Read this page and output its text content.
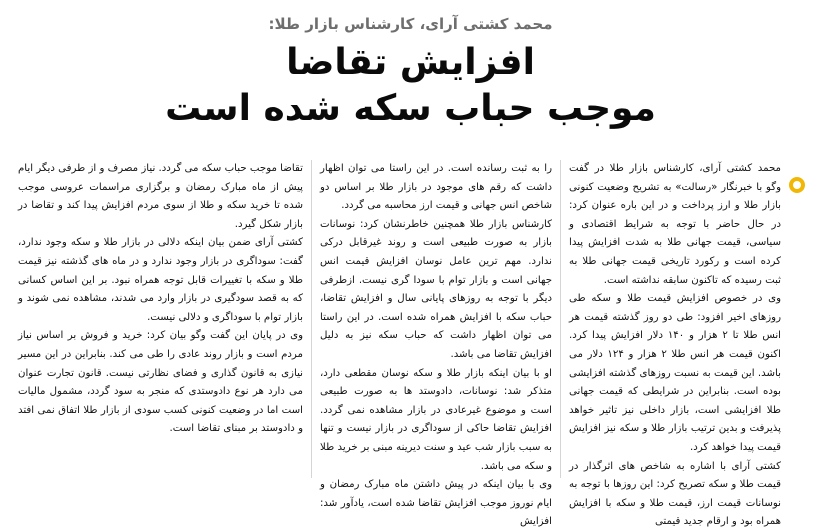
محمد کشتی آرای، کارشناس بازار طلا:

افزایش تقاضا
موجب حباب سکه شده است

محمد کشتی آرای، کارشناس بازار طلا در گفت وگو با خبرنگار «رسالت» به تشریح وضعیت کنونی بازار طلا و ارز پرداخت و در این باره عنوان کرد: در حال حاضر با توجه به شرایط اقتصادی و سیاسی، قیمت جهانی طلا به شدت افزایش پیدا کرده است و رکورد تاریخی قیمت جهانی طلا به ثبت رسیده که تاکنون سابقه نداشته است.

وی در خصوص افزایش قیمت طلا و سکه طی روزهای اخیر افزود: طی دو روز گذشته قیمت هر انس طلا تا ۲ هزار و ۱۴۰ دلار افزایش پیدا کرد. اکنون قیمت هر انس طلا ۲ هزار و ۱۲۴ دلار می باشد. این قیمت به نسبت روزهای گذشته افزایشی بوده است. بنابراین در شرایطی که قیمت جهانی طلا افزایشی است، بازار داخلی نیز تاثیر خواهد پذیرفت و بدین ترتیب بازار طلا و سکه نیز افزایش قیمت پیدا خواهد کرد.

کشتی آرای با اشاره به شاخص های اثرگذار در قیمت طلا و سکه تصریح کرد: این روزها با توجه به نوسانات قیمت ارز، قیمت طلا و سکه با افزایش همراه بود و ارقام جدید قیمتی

را به ثبت رسانده است. در این راستا می توان اظهار داشت که رقم های موجود در بازار طلا بر اساس دو شاخص انس جهانی و قیمت ارز محاسبه می گردد.

کارشناس بازار طلا همچنین خاطرنشان کرد: نوسانات بازار به صورت طبیعی است و روند غیرقابل درکی ندارد. مهم ترین عامل نوسان افزایش قیمت انس جهانی است و بازار توام با سودا گری نیست. ازطرفی دیگر با توجه به روزهای پایانی سال و افزایش تقاضا، حباب سکه با افزایش همراه شده است. در این راستا می توان اظهار داشت که حباب سکه نیز به دلیل افزایش تقاضا می باشد.

او با بیان اینکه بازار طلا و سکه نوسان مقطعی دارد، متذکر شد: نوسانات، دادوستد ها به صورت طبیعی است و موضوع غیرعادی در بازار مشاهده نمی گردد. افزایش تقاضا حاکی از سوداگری در بازار نیست و تنها به سبب بازار شب عید و سنت دیرینه مبنی بر خرید طلا و سکه می باشد.

وی با بیان اینکه در پیش داشتن ماه مبارک رمضان و ایام نوروز موجب افزایش تقاضا شده است، یادآور شد: افزایش

تقاضا موجب حباب سکه می گردد. نیاز مصرف و از طرفی دیگر ایام پیش از ماه مبارک رمضان و برگزاری مراسمات عروسی موجب شده تا خرید سکه و طلا از سوی مردم افزایش پیدا کند و تقاضا در بازار شکل گیرد.

کشتی آرای ضمن بیان اینکه دلالی در بازار طلا و سکه وجود ندارد، گفت: سوداگری در بازار وجود ندارد و در ماه های گذشته نیز قیمت طلا و سکه با تغییرات قابل توجه همراه نبود. بر این اساس کسانی که به قصد سودگیری در بازار وارد می شدند، مشاهده نمی شوند و بازار توام با سوداگری و دلالی نیست.

وی در پایان این گفت وگو بیان کرد: خرید و فروش بر اساس نیاز مردم است و بازار روند عادی را طی می کند. بنابراین در این مسیر نیازی به قانون گذاری و فضای نظارتی نیست. قانون تجارت عنوان می دارد هر نوع دادوستدی که منجر به سود گردد، مشمول مالیات است اما در وضعیت کنونی کسب سودی از بازار طلا اتفاق نمی افتد و دادوستد بر مبنای تقاضا است.
